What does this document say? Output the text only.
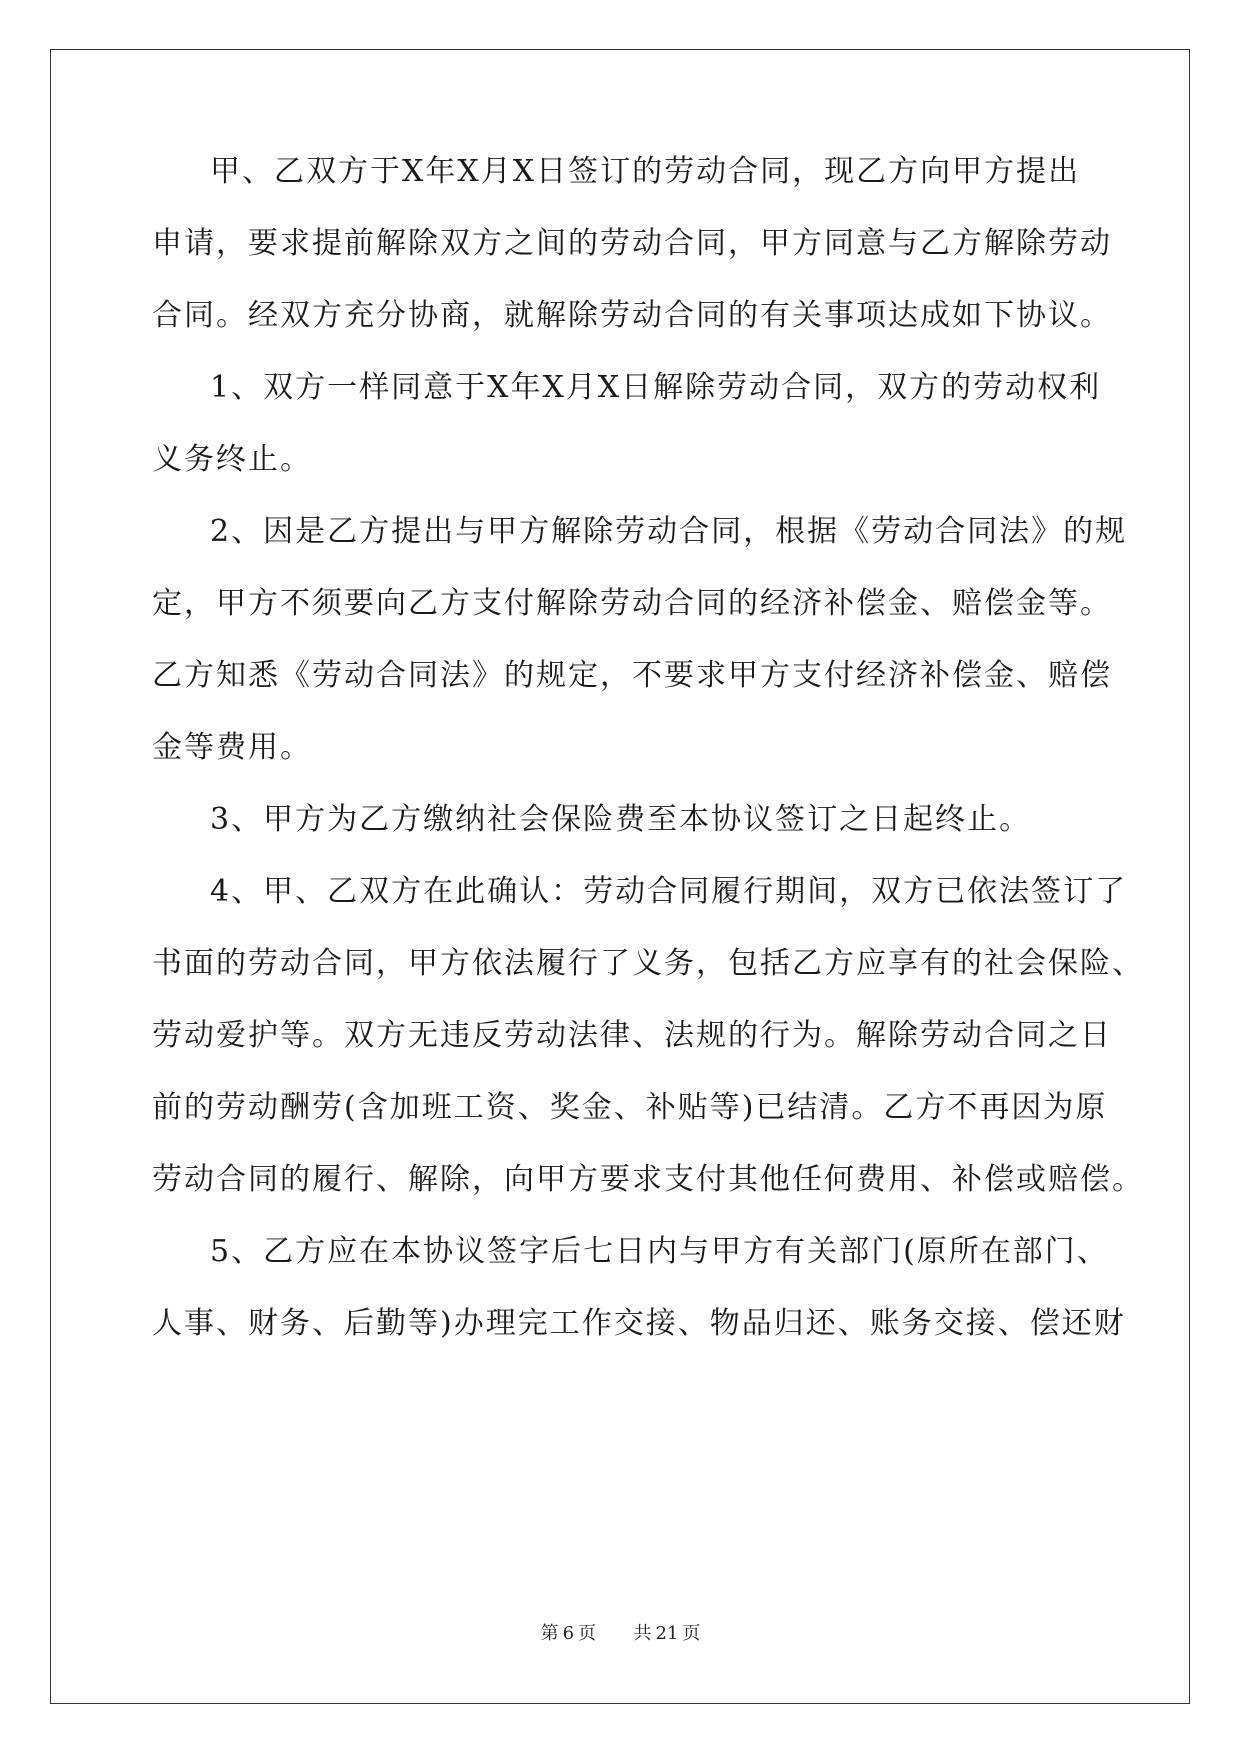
甲、乙双方于X年X月X日签订的劳动合同，现乙方向甲方提出
申请，要求提前解除双方之间的劳动合同，甲方同意与乙方解除劳动
合同。经双方充分协商，就解除劳动合同的有关事项达成如下协议。
1、双方一样同意于X年X月X日解除劳动合同，双方的劳动权利
义务终止。
2、因是乙方提出与甲方解除劳动合同，根据《劳动合同法》的规
定，甲方不须要向乙方支付解除劳动合同的经济补偿金、赔偿金等。
乙方知悉《劳动合同法》的规定，不要求甲方支付经济补偿金、赔偿
金等费用。
3、甲方为乙方缴纳社会保险费至本协议签订之日起终止。
4、甲、乙双方在此确认：劳动合同履行期间，双方已依法签订了
书面的劳动合同，甲方依法履行了义务，包括乙方应享有的社会保险、
劳动爱护等。双方无违反劳动法律、法规的行为。解除劳动合同之日
前的劳动酬劳(含加班工资、奖金、补贴等)已结清。乙方不再因为原
劳动合同的履行、解除，向甲方要求支付其他任何费用、补偿或赔偿。
5、乙方应在本协议签字后七日内与甲方有关部门(原所在部门、
人事、财务、后勤等)办理完工作交接、物品归还、账务交接、偿还财
第 6 页 共 21 页
